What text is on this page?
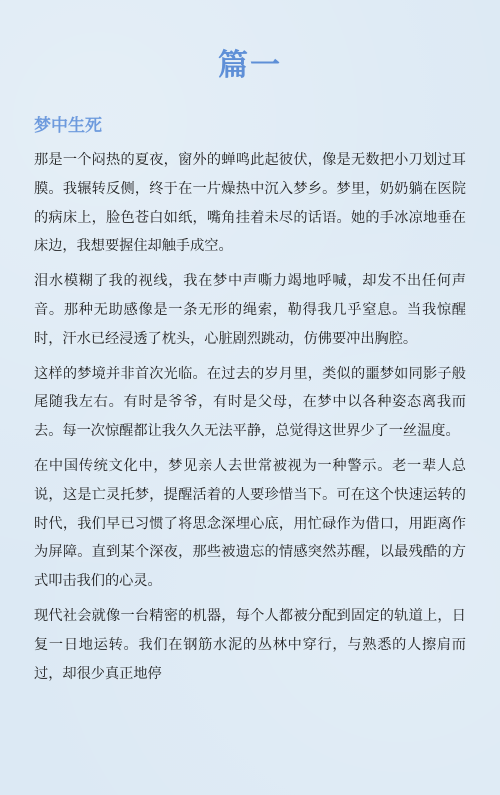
篇一
梦中生死

那是一个闷热的夏夜，窗外的蝉鸣此起彼伏，像是无数把小刀划过耳膜。我辗转反侧，终于在一片燥热中沉入梦乡。梦里，奶奶躺在医院的病床上，脸色苍白如纸，嘴角挂着未尽的话语。她的手冰凉地垂在床边，我想要握住却触手成空。

泪水模糊了我的视线，我在梦中声嘶力竭地呼喊，却发不出任何声音。那种无助感像是一条无形的绳索，勒得我几乎窒息。当我惊醒时，汗水已经浸透了枕头，心脏剧烈跳动，仿佛要冲出胸腔。

这样的梦境并非首次光临。在过去的岁月里，类似的噩梦如同影子般尾随我左右。有时是爷爷，有时是父母，在梦中以各种姿态离我而去。每一次惊醒都让我久久无法平静，总觉得这世界少了一丝温度。

在中国传统文化中，梦见亲人去世常被视为一种警示。老一辈人总说，这是亡灵托梦，提醒活着的人要珍惜当下。可在这个快速运转的时代，我们早已习惯了将思念深埋心底，用忙碌作为借口，用距离作为屏障。直到某个深夜，那些被遗忘的情感突然苏醒，以最残酷的方式叩击我们的心灵。

现代社会就像一台精密的机器，每个人都被分配到固定的轨道上，日复一日地运转。我们在钢筋水泥的丛林中穿行，与熟悉的人擦肩而过，却很少真正地停
